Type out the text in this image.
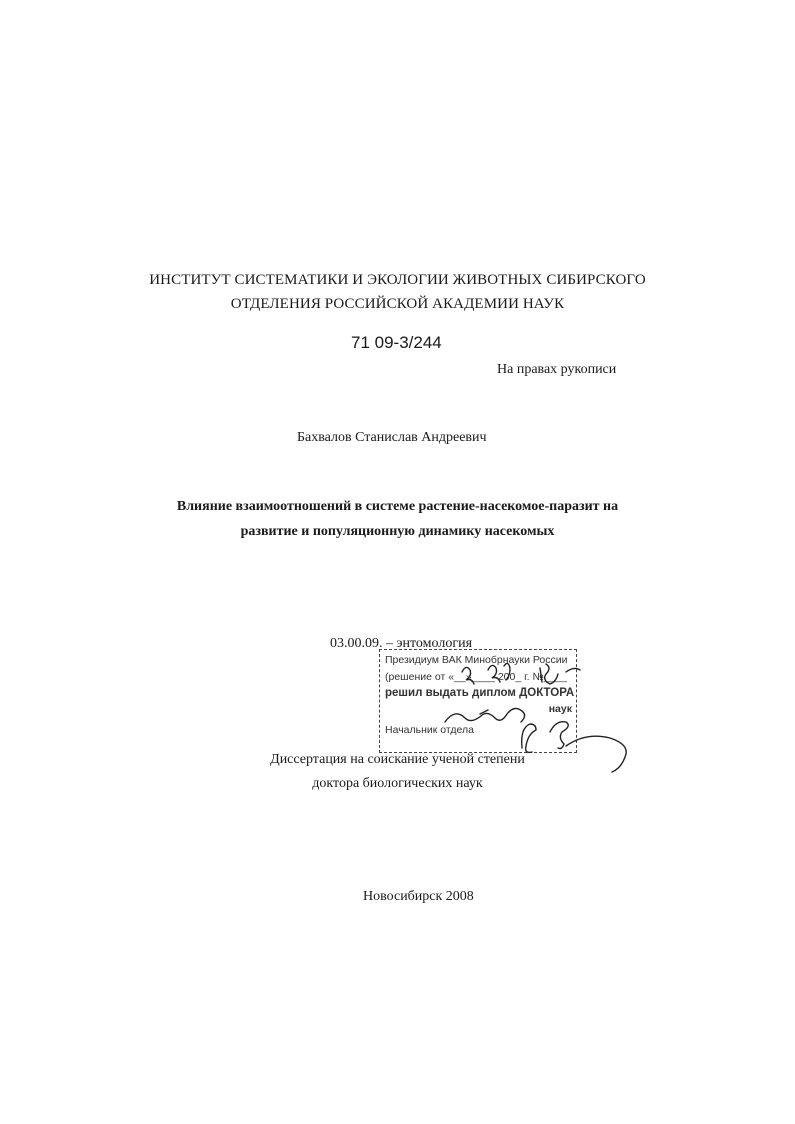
ИНСТИТУТ СИСТЕМАТИКИ И ЭКОЛОГИИ ЖИВОТНЫХ СИБИРСКОГО
ОТДЕЛЕНИЯ РОССИЙСКОЙ АКАДЕМИИ НАУК
71 09-3/244
На правах рукописи
Бахвалов Станислав Андреевич
Влияние взаимоотношений в системе растение-насекомое-паразит на
развитие и популяционную динамику насекомых
03.00.09. – энтомология
Президиум ВАК Минобрнауки России
(решение от «__»____ 200_ г. №____
решил выдать диплом ДОКТОРА
наук
Начальник отдела
Диссертация на соискание ученой степени
доктора биологических наук
Новосибирск 2008
